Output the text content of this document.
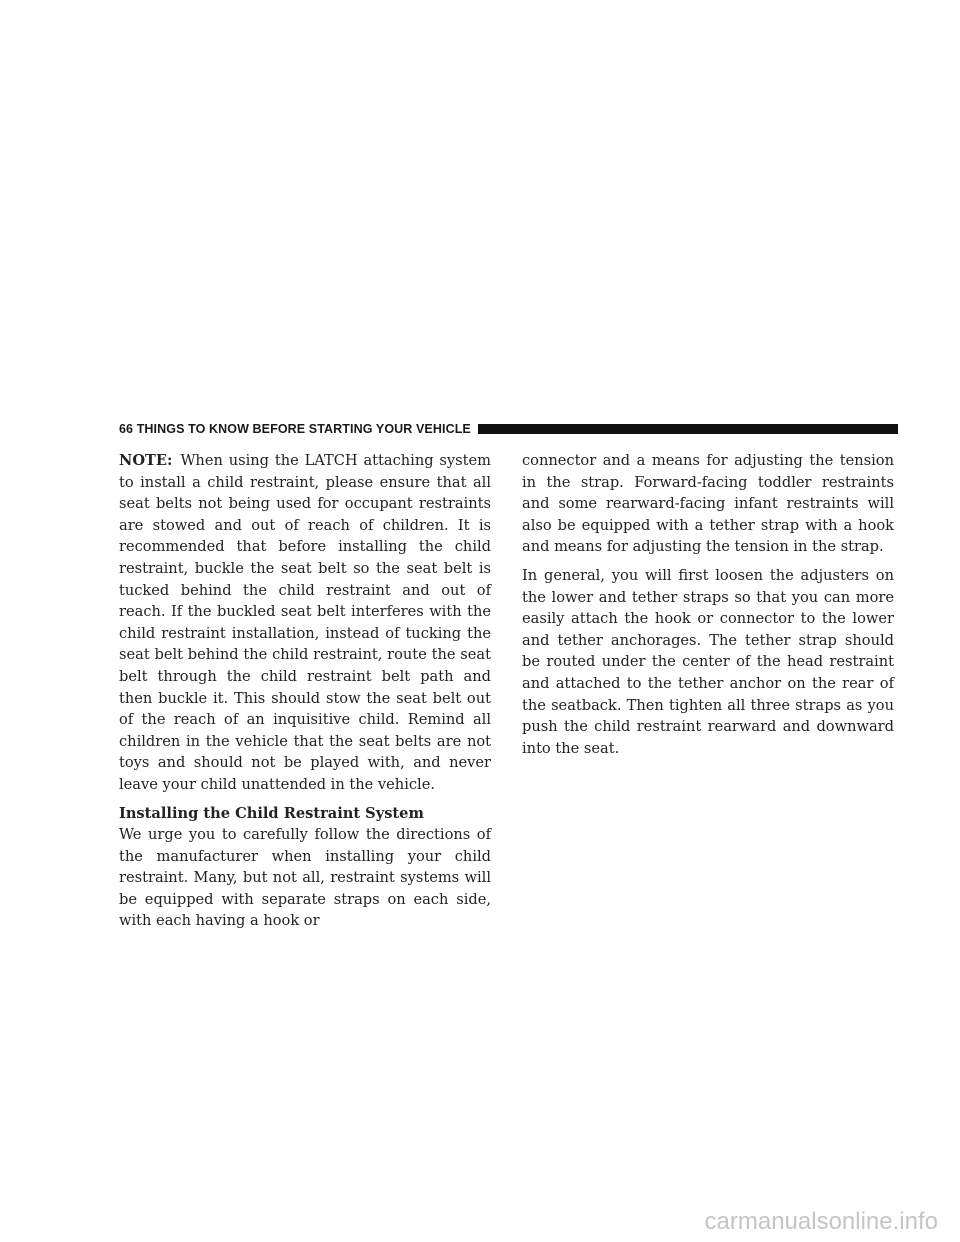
66 THINGS TO KNOW BEFORE STARTING YOUR VEHICLE

NOTE: When using the LATCH attaching system to install a child restraint, please ensure that all seat belts not being used for occupant restraints are stowed and out of reach of children. It is recommended that before installing the child restraint, buckle the seat belt so the seat belt is tucked behind the child restraint and out of reach. If the buckled seat belt interferes with the child restraint installation, instead of tucking the seat belt behind the child restraint, route the seat belt through the child restraint belt path and then buckle it. This should stow the seat belt out of the reach of an inquisitive child. Remind all children in the vehicle that the seat belts are not toys and should not be played with, and never leave your child unattended in the vehicle.

Installing the Child Restraint System

We urge you to carefully follow the directions of the manufacturer when installing your child restraint. Many, but not all, restraint systems will be equipped with separate straps on each side, with each having a hook or

connector and a means for adjusting the tension in the strap. Forward-facing toddler restraints and some rearward-facing infant restraints will also be equipped with a tether strap with a hook and means for adjusting the tension in the strap.

In general, you will first loosen the adjusters on the lower and tether straps so that you can more easily attach the hook or connector to the lower and tether anchorages. The tether strap should be routed under the center of the head restraint and attached to the tether anchor on the rear of the seatback. Then tighten all three straps as you push the child restraint rearward and downward into the seat.

carmanualsonline.info
